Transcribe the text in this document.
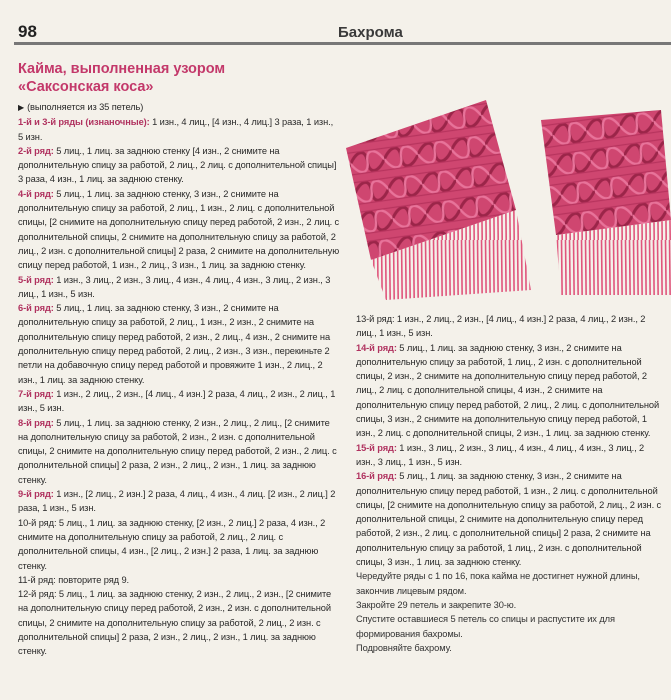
98	Бахрома
Кайма, выполненная узором
«Саксонская коса»

▶ (выполняется из 35 петель)

1-й и 3-й ряды (изнаночные): 1 изн., 4 лиц., [4 изн., 4 лиц.] 3 раза, 1 изн., 5 изн.

2-й ряд: 5 лиц., 1 лиц. за заднюю стенку [4 изн., 2 снимите на дополнительную спицу за работой, 2 лиц., 2 лиц. с дополнительной спицы] 3 раза, 4 изн., 1 лиц. за заднюю стенку.

4-й ряд: 5 лиц., 1 лиц. за заднюю стенку, 3 изн., 2 снимите на дополнительную спицу за работой, 2 лиц., 1 изн., 2 лиц. с дополнительной спицы, [2 снимите на дополнительную спицу перед работой, 2 изн., 2 лиц. с дополнительной спицы, 2 снимите на дополнительную спицу за работой, 2 лиц., 2 изн. с дополнительной спицы] 2 раза, 2 снимите на дополнительную спицу перед работой, 1 изн., 2 лиц., 3 изн., 1 лиц. за заднюю стенку.

5-й ряд: 1 изн., 3 лиц., 2 изн., 3 лиц., 4 изн., 4 лиц., 4 изн., 3 лиц., 2 изн., 3 лиц., 1 изн., 5 изн.

6-й ряд: 5 лиц., 1 лиц. за заднюю стенку, 3 изн., 2 снимите на дополнительную спицу за работой, 2 лиц., 1 изн., 2 изн., 2 снимите на дополнительную спицу перед работой, 2 изн., 2 лиц., 4 изн., 2 снимите на дополнительную спицу перед работой, 2 лиц., 2 изн., 3 изн., перекиньте 2 петли на добавочную спицу перед работой и провяжите 1 изн., 2 лиц., 2 изн., 1 лиц. за заднюю стенку.

7-й ряд: 1 изн., 2 лиц., 2 изн., [4 лиц., 4 изн.] 2 раза, 4 лиц., 2 изн., 2 лиц., 1 изн., 5 изн.

8-й ряд: 5 лиц., 1 лиц. за заднюю стенку, 2 изн., 2 лиц., 2 лиц., [2 снимите на дополнительную спицу за работой, 2 изн., 2 изн. с дополнительной спицы, 2 снимите на дополнительную спицу перед работой, 2 изн., 2 лиц. с дополнительной спицы] 2 раза, 2 изн., 2 лиц., 2 изн., 1 лиц. за заднюю стенку.

9-й ряд: 1 изн., [2 лиц., 2 изн.] 2 раза, 4 лиц., 4 изн., 4 лиц. [2 изн., 2 лиц.] 2 раза, 1 изн., 5 изн.

10-й ряд: 5 лиц., 1 лиц. за заднюю стенку, [2 изн., 2 лиц.] 2 раза, 4 изн., 2 снимите на дополнительную спицу за работой, 2 лиц., 2 лиц. с дополнительной спицы, 4 изн., [2 лиц., 2 изн.] 2 раза, 1 лиц. за заднюю стенку.

11-й ряд: повторите ряд 9.

12-й ряд: 5 лиц., 1 лиц. за заднюю стенку, 2 изн., 2 лиц., 2 изн., [2 снимите на дополнительную спицу перед работой, 2 изн., 2 изн. с дополнительной спицы, 2 снимите на дополнительную спицу за работой, 2 лиц., 2 изн. с дополнительной спицы] 2 раза, 2 изн., 2 лиц., 2 изн., 1 лиц. за заднюю стенку.

13-й ряд: 1 изн., 2 лиц., 2 изн., [4 лиц., 4 изн.] 2 раза, 4 лиц., 2 изн., 2 лиц., 1 изн., 5 изн.

14-й ряд: 5 лиц., 1 лиц. за заднюю стенку, 3 изн., 2 снимите на дополнительную спицу за работой, 1 лиц., 2 изн. с дополнительной спицы, 2 изн., 2 снимите на дополнительную спицу перед работой, 2 лиц., 2 лиц. с дополнительной спицы, 4 изн., 2 снимите на дополнительную спицу перед работой, 2 лиц., 2 лиц. с дополнительной спицы, 3 изн., 2 снимите на дополнительную спицу перед работой, 1 изн., 2 лиц. с дополнительной спицы, 2 изн., 1 лиц. за заднюю стенку.

15-й ряд: 1 изн., 3 лиц., 2 изн., 3 лиц., 4 изн., 4 лиц., 4 изн., 3 лиц., 2 изн., 3 лиц., 1 изн., 5 изн.

16-й ряд: 5 лиц., 1 лиц. за заднюю стенку, 3 изн., 2 снимите на дополнительную спицу перед работой, 1 изн., 2 лиц. с дополнительной спицы, [2 снимите на дополнительную спицу за работой, 2 лиц., 2 изн. с дополнительной спицы, 2 снимите на дополнительную спицу перед работой, 2 изн., 2 лиц. с дополнительной спицы] 2 раза, 2 снимите на дополнительную спицу за работой, 1 лиц., 2 изн. с дополнительной спицы, 3 изн., 1 лиц. за заднюю стенку.

Чередуйте ряды с 1 по 16, пока кайма не достигнет нужной длины, закончив лицевым рядом.

Закройте 29 петель и закрепите 30-ю.

Спустите оставшиеся 5 петель со спицы и распустите их для формирования бахромы.

Подровняйте бахрому.
